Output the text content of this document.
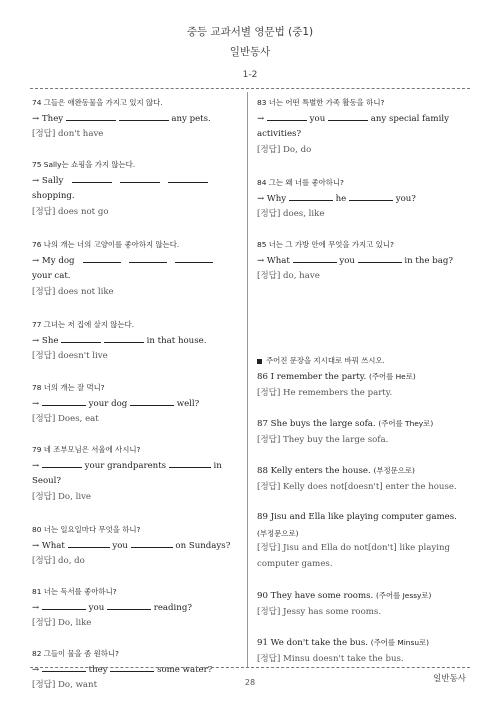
중등 교과서별 영문법 (중1)
일반동사
1-2
74 그들은 애완동물을 가지고 있지 않다.
→ They	any pets.
[정답] don't have
75 Sally는 쇼핑을 가지 않는다.
→ Sally
shopping.
[정답] does not go
76 나의 개는 너의 고양이를 좋아하지 않는다.
→ My dog
your cat.
[정답] does not like
77 그녀는 저 집에 살지 않는다.
→ She	in that house.
[정답] doesn't live
78 너의 개는 잘 먹니?
→	your dog	well?
[정답] Does, eat
79 네 조부모님은 서울에 사시니?
→	your grandparents	in
Seoul?
[정답] Do, live
80 너는 일요일마다 무엇을 하니?
→ What	you	on Sundays?
[정답] do, do
81 너는 독서를 좋아하니?
→	you	reading?
[정답] Do, like
82 그들이 물을 좀 원하니?
→	they	some water?
[정답] Do, want
83 너는 어떤 특별한 가족 활동을 하니?
→	you	any special family
activities?
[정답] Do, do
84 그는 왜 너를 좋아하니?
→ Why	he	you?
[정답] does, like
85 너는 그 가방 안에 무엇을 가지고 있니?
→ What	you	in the bag?
[정답] do, have
주어진 문장을 지시대로 바꿔 쓰시오.
86 I remember the party. (주어를 He로)
[정답] He remembers the party.
87 She buys the large sofa. (주어를 They로)
[정답] They buy the large sofa.
88 Kelly enters the house. (부정문으로)
[정답] Kelly does not[doesn't] enter the house.
89 Jisu and Ella like playing computer games.
(부정문으로)
[정답] Jisu and Ella do not[don't] like playing
computer games.
90 They have some rooms. (주어를 Jessy로)
[정답] Jessy has some rooms.
91 We don't take the bus. (주어를 Minsu로)
[정답] Minsu doesn't take the bus.
일반동사
28
